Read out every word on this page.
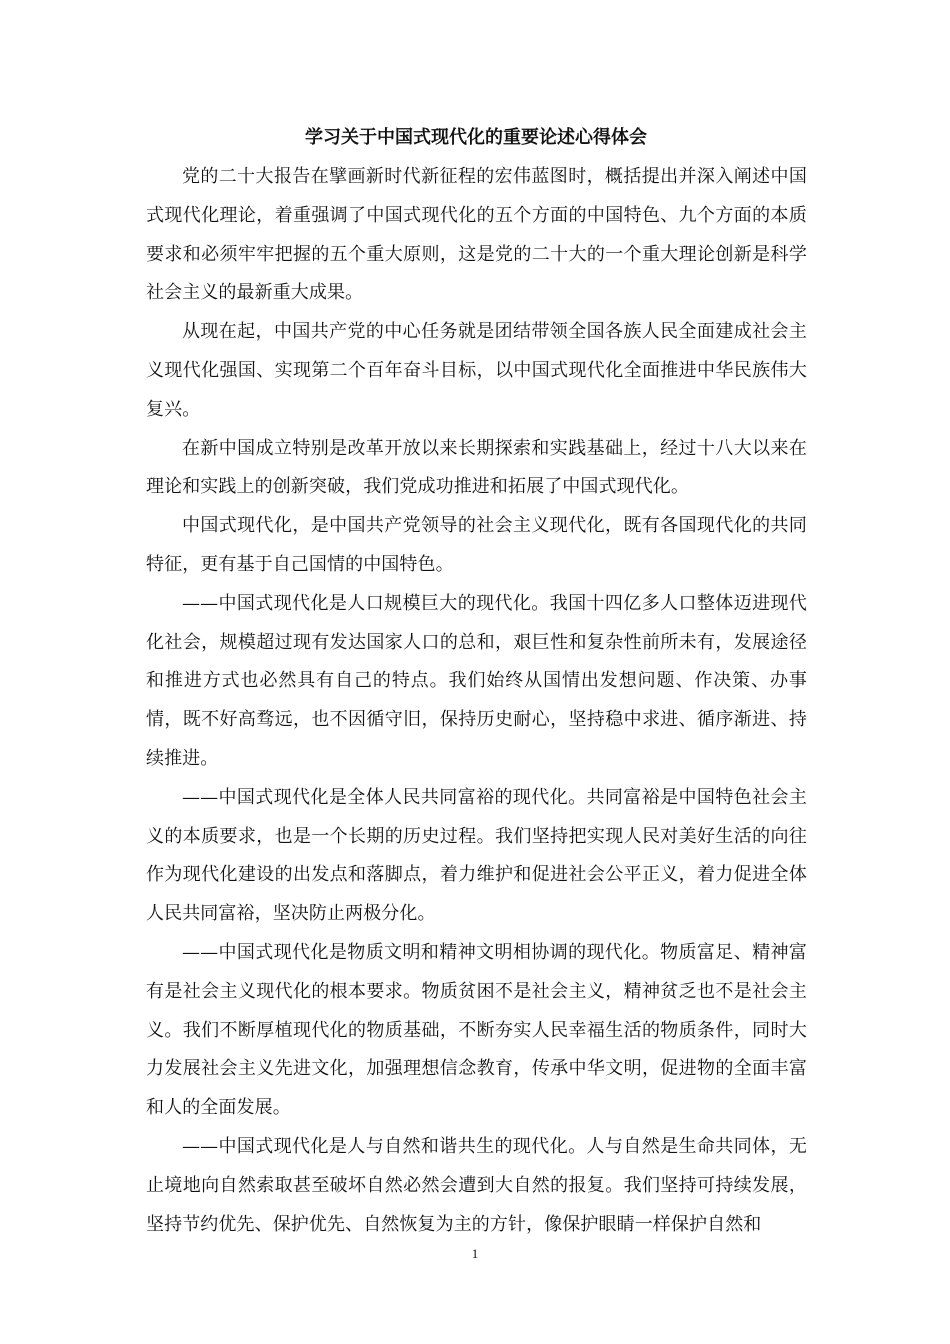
学习关于中国式现代化的重要论述心得体会

党的二十大报告在擘画新时代新征程的宏伟蓝图时，概括提出并深入阐述中国式现代化理论，着重强调了中国式现代化的五个方面的中国特色、九个方面的本质要求和必须牢牢把握的五个重大原则，这是党的二十大的一个重大理论创新是科学社会主义的最新重大成果。

从现在起，中国共产党的中心任务就是团结带领全国各族人民全面建成社会主义现代化强国、实现第二个百年奋斗目标，以中国式现代化全面推进中华民族伟大复兴。

在新中国成立特别是改革开放以来长期探索和实践基础上，经过十八大以来在理论和实践上的创新突破，我们党成功推进和拓展了中国式现代化。

中国式现代化，是中国共产党领导的社会主义现代化，既有各国现代化的共同特征，更有基于自己国情的中国特色。

——中国式现代化是人口规模巨大的现代化。我国十四亿多人口整体迈进现代化社会，规模超过现有发达国家人口的总和，艰巨性和复杂性前所未有，发展途径和推进方式也必然具有自己的特点。我们始终从国情出发想问题、作决策、办事情，既不好高骛远，也不因循守旧，保持历史耐心，坚持稳中求进、循序渐进、持续推进。

——中国式现代化是全体人民共同富裕的现代化。共同富裕是中国特色社会主义的本质要求，也是一个长期的历史过程。我们坚持把实现人民对美好生活的向往作为现代化建设的出发点和落脚点，着力维护和促进社会公平正义，着力促进全体人民共同富裕，坚决防止两极分化。

——中国式现代化是物质文明和精神文明相协调的现代化。物质富足、精神富有是社会主义现代化的根本要求。物质贫困不是社会主义，精神贫乏也不是社会主义。我们不断厚植现代化的物质基础，不断夯实人民幸福生活的物质条件，同时大力发展社会主义先进文化，加强理想信念教育，传承中华文明，促进物的全面丰富和人的全面发展。

——中国式现代化是人与自然和谐共生的现代化。人与自然是生命共同体，无止境地向自然索取甚至破坏自然必然会遭到大自然的报复。我们坚持可持续发展，坚持节约优先、保护优先、自然恢复为主的方针，像保护眼睛一样保护自然和

1
